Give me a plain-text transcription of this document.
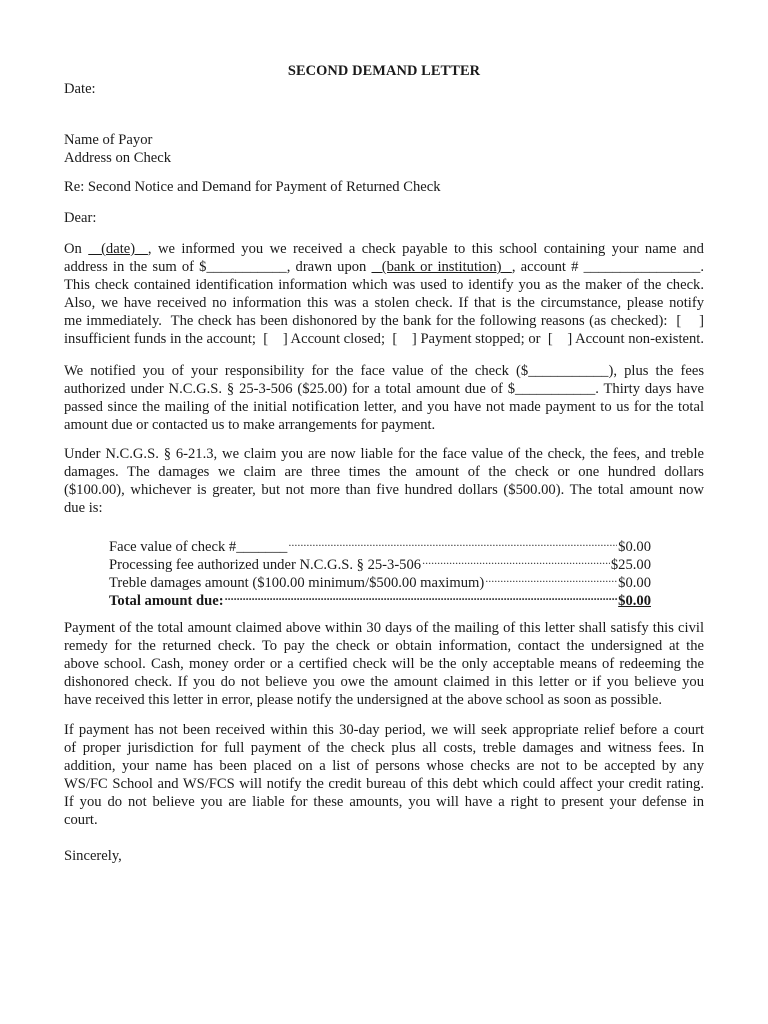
SECOND DEMAND LETTER
Date:
Name of Payor
Address on Check
Re: Second Notice and Demand for Payment of Returned Check
Dear:
On   (date)  , we informed you we received a check payable to this school containing your name and
address in the sum of $___________, drawn upon   (bank or institution)  , account # ________________.
This check contained identification information which was used to identify you as the maker of the check.
Also, we have received no information this was a stolen check. If that is the circumstance, please notify
me immediately.  The check has been dishonored by the bank for the following reasons (as checked):  [    ]
insufficient funds in the account;  [    ] Account closed;  [    ] Payment stopped; or  [    ] Account non-existent.
We notified you of your responsibility for the face value of the check ($___________), plus the fees
authorized under N.C.G.S. § 25-3-506 ($25.00) for a total amount due of $___________. Thirty days have
passed since the mailing of the initial notification letter, and you have not made payment to us for the total
amount due or contacted us to make arrangements for payment.
Under N.C.G.S. § 6-21.3, we claim you are now liable for the face value of the check, the fees, and treble
damages. The damages we claim are three times the amount of the check or one hundred dollars
($100.00), whichever is greater, but not more than five hundred dollars ($500.00). The total amount now
due is:
Face value of check #_______ .....	$0.00
Processing fee authorized under N.C.G.S. § 25-3-506 .....	$25.00
Treble damages amount ($100.00 minimum/$500.00 maximum) .....	$0.00
Total amount due: .....	$0.00
Payment of the total amount claimed above within 30 days of the mailing of this letter shall satisfy this civil
remedy for the returned check. To pay the check or obtain information, contact the undersigned at the
above school. Cash, money order or a certified check will be the only acceptable means of redeeming the
dishonored check. If you do not believe you owe the amount claimed in this letter or if you believe you
have received this letter in error, please notify the undersigned at the above school as soon as possible.
If payment has not been received within this 30-day period, we will seek appropriate relief before a court
of proper jurisdiction for full payment of the check plus all costs, treble damages and witness fees. In
addition, your name has been placed on a list of persons whose checks are not to be accepted by any
WS/FC School and WS/FCS will notify the credit bureau of this debt which could affect your credit rating.
If you do not believe you are liable for these amounts, you will have a right to present your defense in
court.
Sincerely,
